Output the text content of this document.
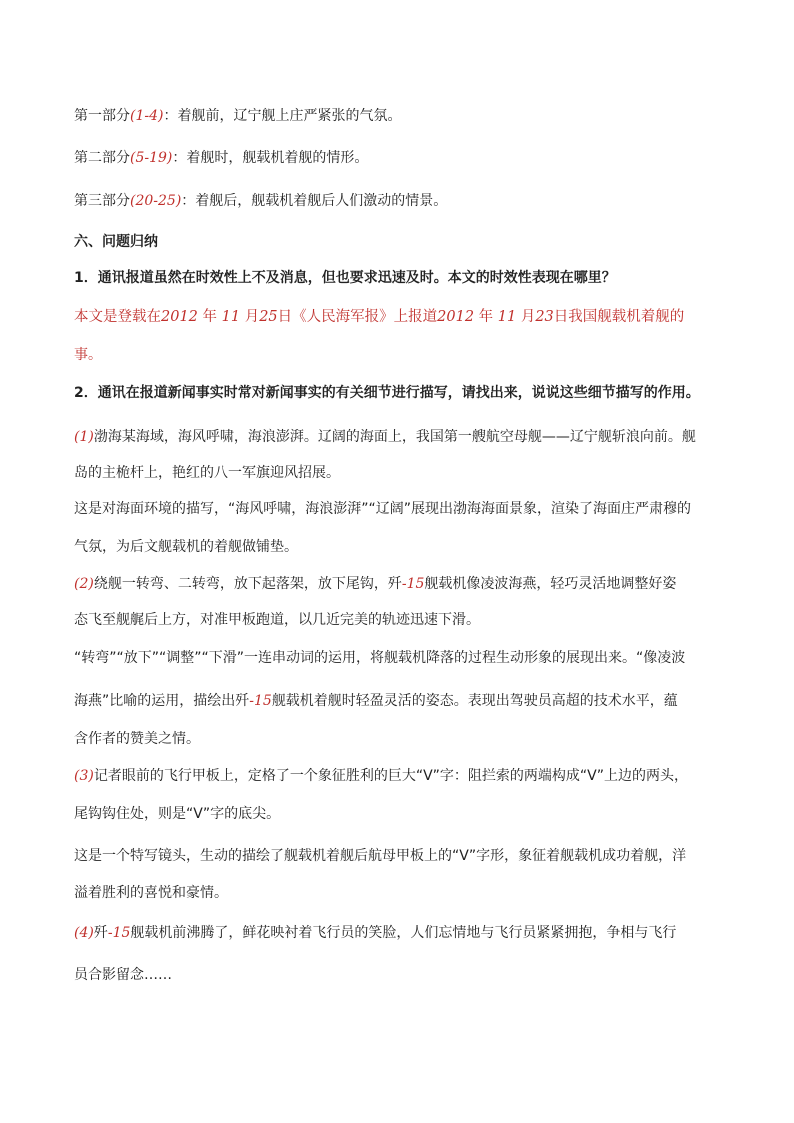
第一部分(1-4)：着舰前，辽宁舰上庄严紧张的气氛。

第二部分(5-19)：着舰时，舰载机着舰的情形。

第三部分(20-25)：着舰后，舰载机着舰后人们激动的情景。

六、问题归纳

1．通讯报道虽然在时效性上不及消息，但也要求迅速及时。本文的时效性表现在哪里？

本文是登载在2012 年 11 月25日《人民海军报》上报道2012 年 11 月23日我国舰载机着舰的

事。

2．通讯在报道新闻事实时常对新闻事实的有关细节进行描写，请找出来，说说这些细节描写的作用。

(1)渤海某海域，海风呼啸，海浪澎湃。辽阔的海面上，我国第一艘航空母舰——辽宁舰斩浪向前。舰

岛的主桅杆上，艳红的八一军旗迎风招展。

这是对海面环境的描写，“海风呼啸，海浪澎湃”“辽阔”展现出渤海海面景象，渲染了海面庄严肃穆的

气氛，为后文舰载机的着舰做铺垫。

(2)绕舰一转弯、二转弯，放下起落架，放下尾钩，歼-15舰载机像凌波海燕，轻巧灵活地调整好姿

态飞至舰艉后上方，对准甲板跑道，以几近完美的轨迹迅速下滑。

“转弯”“放下”“调整”“下滑”一连串动词的运用，将舰载机降落的过程生动形象的展现出来。“像凌波

海燕”比喻的运用，描绘出歼-15舰载机着舰时轻盈灵活的姿态。表现出驾驶员高超的技术水平，蕴

含作者的赞美之情。

(3)记者眼前的飞行甲板上，定格了一个象征胜利的巨大“V”字：阻拦索的两端构成“V”上边的两头，

尾钩钩住处，则是“V”字的底尖。

这是一个特写镜头，生动的描绘了舰载机着舰后航母甲板上的“V”字形，象征着舰载机成功着舰，洋

溢着胜利的喜悦和豪情。

(4)歼-15舰载机前沸腾了，鲜花映衬着飞行员的笑脸，人们忘情地与飞行员紧紧拥抱，争相与飞行

员合影留念……
